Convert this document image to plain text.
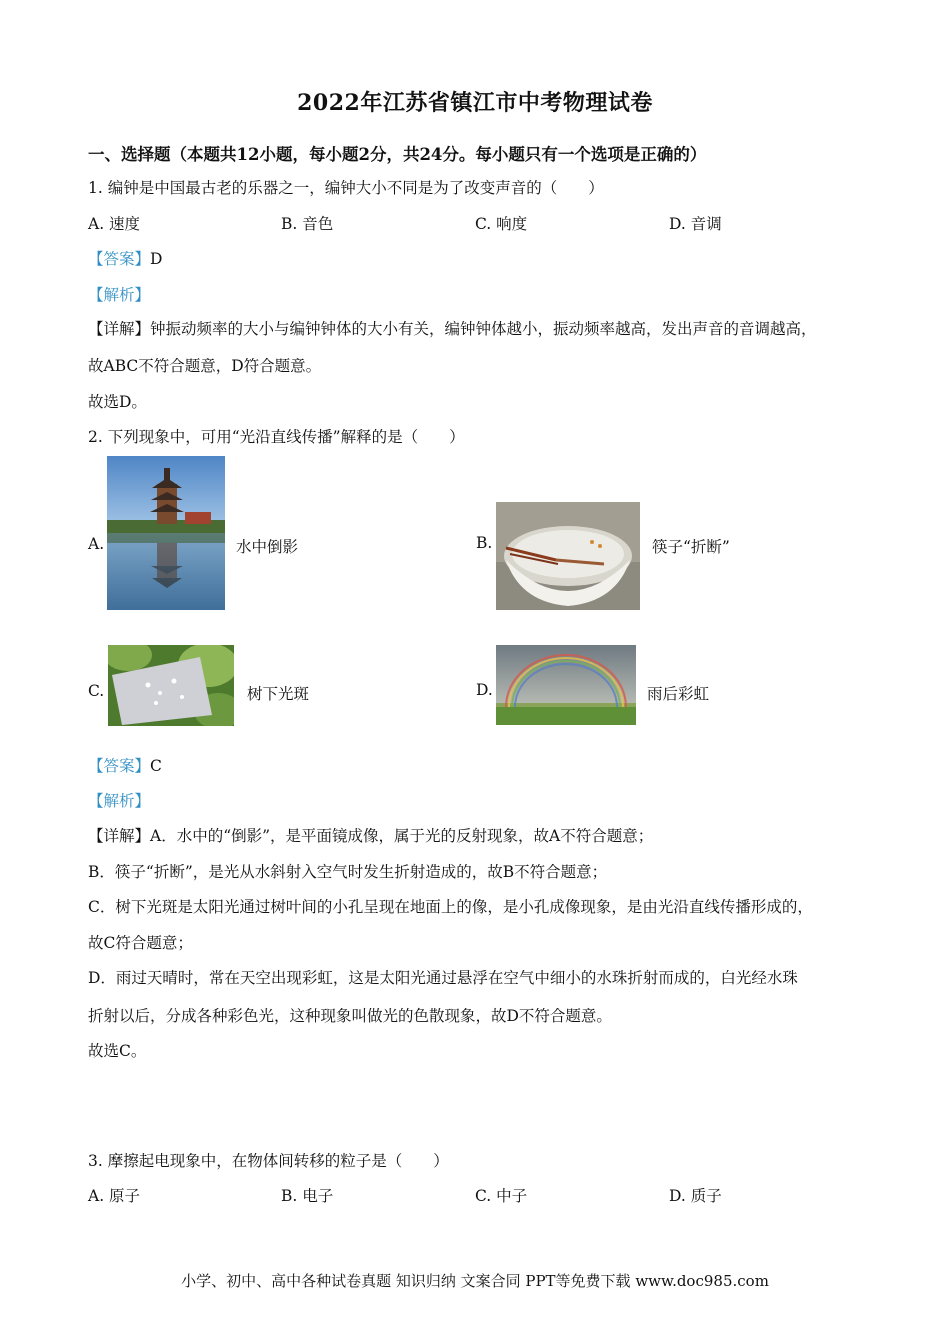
2022年江苏省镇江市中考物理试卷
一、选择题（本题共12小题，每小题2分，共24分。每小题只有一个选项是正确的）
1. 编钟是中国最古老的乐器之一，编钟大小不同是为了改变声音的（　　）
A. 速度	B. 音色	C. 响度	D. 音调
【答案】D
【解析】
【详解】钟振动频率的大小与编钟钟体的大小有关，编钟钟体越小，振动频率越高，发出声音的音调越高，
故ABC不符合题意，D符合题意。
故选D。
2. 下列现象中，可用“光沿直线传播”解释的是（　　）
A.	水中倒影	B.	筷子“折断”
C.	树下光斑	D.	雨后彩虹
【答案】C
【解析】
【详解】A．水中的“倒影”，是平面镜成像，属于光的反射现象，故A不符合题意；
B．筷子“折断”，是光从水斜射入空气时发生折射造成的，故B不符合题意；
C．树下光斑是太阳光通过树叶间的小孔呈现在地面上的像，是小孔成像现象，是由光沿直线传播形成的，
故C符合题意；
D．雨过天晴时，常在天空出现彩虹，这是太阳光通过悬浮在空气中细小的水珠折射而成的，白光经水珠
折射以后，分成各种彩色光，这种现象叫做光的色散现象，故D不符合题意。
故选C。
3. 摩擦起电现象中，在物体间转移的粒子是（　　）
A. 原子	B. 电子	C. 中子	D. 质子
小学、初中、高中各种试卷真题 知识归纳 文案合同 PPT等免费下载 www.doc985.com
